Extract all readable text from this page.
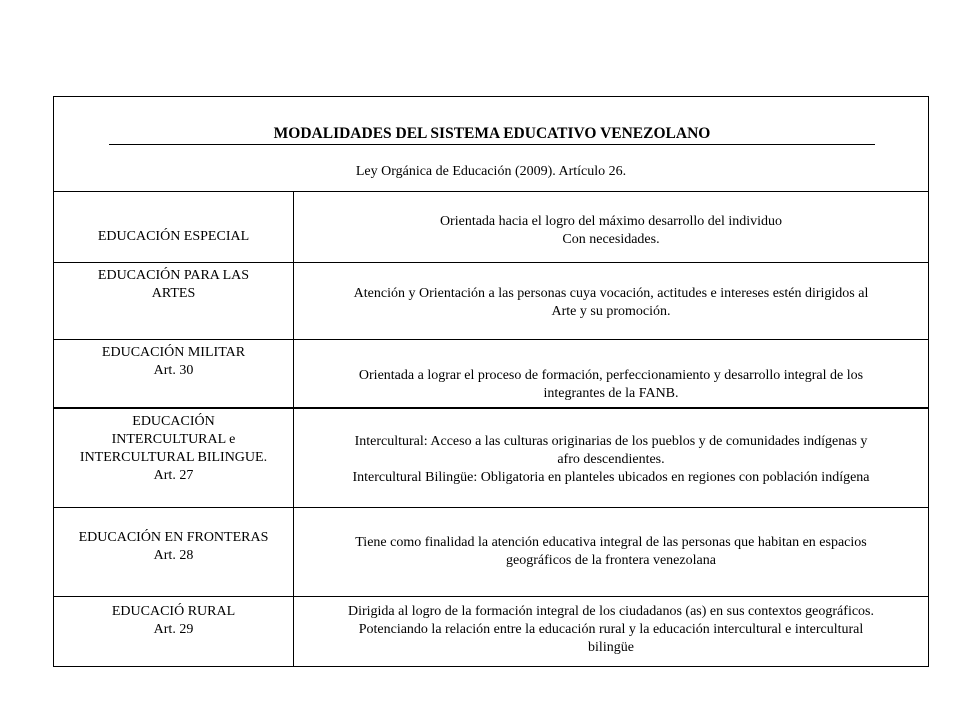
MODALIDADES DEL SISTEMA EDUCATIVO VENEZOLANO
Ley Orgánica de Educación (2009). Artículo 26.
EDUCACIÓN ESPECIAL
Orientada hacia el logro del máximo desarrollo del individuo
Con necesidades.
EDUCACIÓN PARA LAS
ARTES	Atención y Orientación a las personas cuya vocación, actitudes e intereses estén dirigidos al
Arte y su promoción.
EDUCACIÓN MILITAR
Art. 30	Orientada a lograr el proceso de formación, perfeccionamiento y desarrollo integral de los
integrantes de la FANB.
EDUCACIÓN
INTERCULTURAL e
INTERCULTURAL BILINGUE.
Art. 27
Intercultural: Acceso a las culturas originarias de los pueblos y de comunidades indígenas y
afro descendientes.
Intercultural Bilingüe: Obligatoria en planteles ubicados en regiones con población indígena
EDUCACIÓN EN FRONTERAS
Art. 28
Tiene como finalidad la atención educativa integral de las personas que habitan en espacios
geográficos de la frontera venezolana
EDUCACIÓ RURAL
Art. 29
Dirigida al logro de la formación integral de los ciudadanos (as) en sus contextos geográficos.
Potenciando la relación entre la educación rural y la educación intercultural e intercultural
bilingüe
